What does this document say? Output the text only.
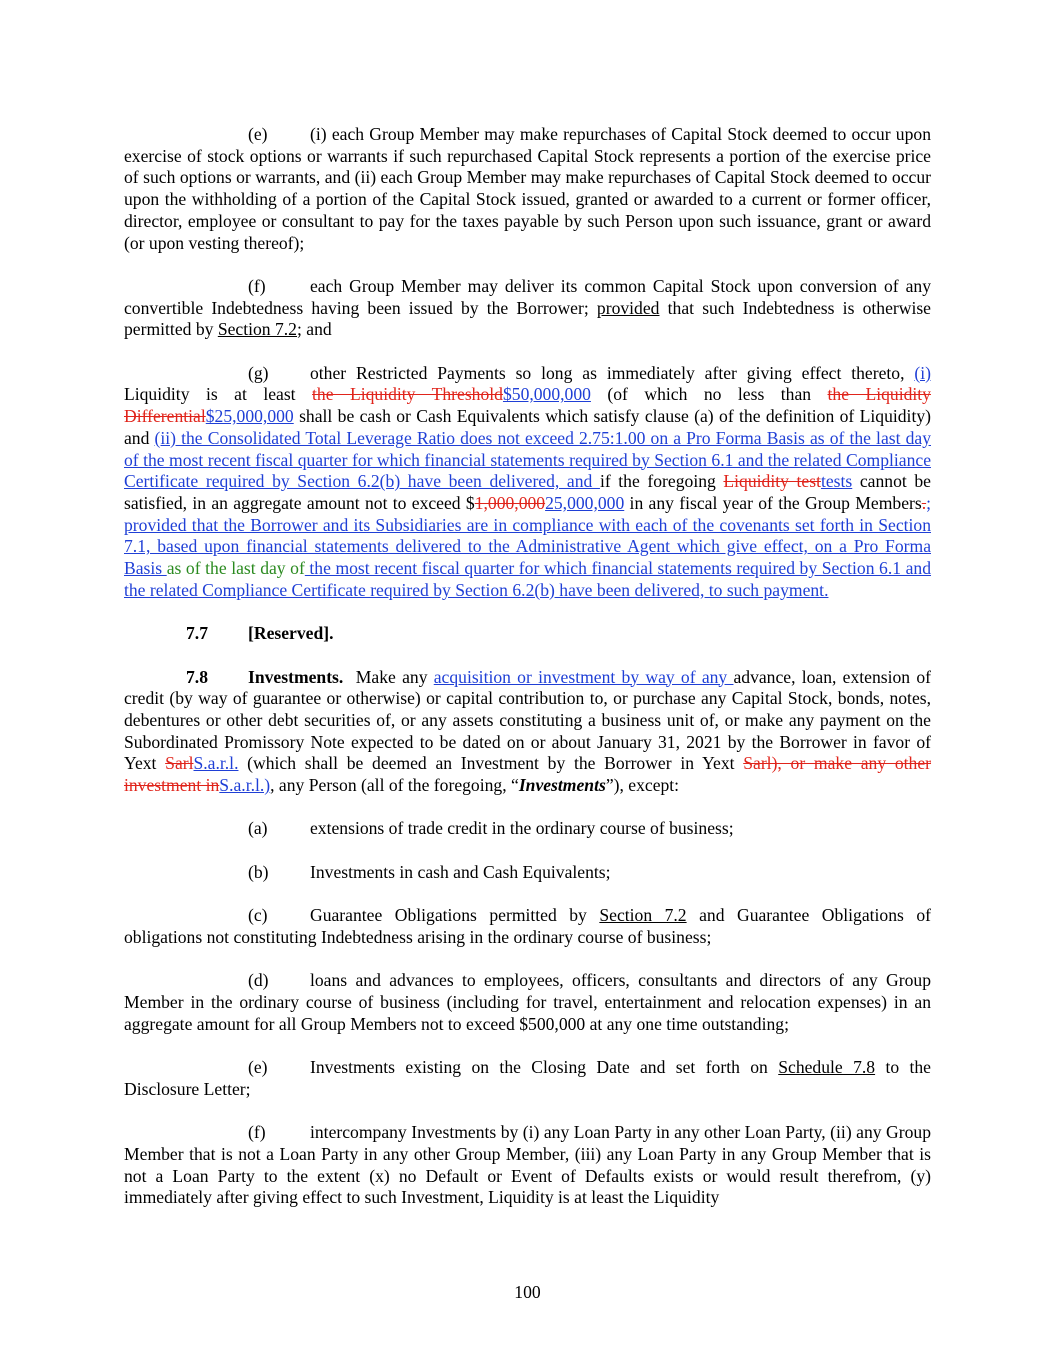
(e) (i) each Group Member may make repurchases of Capital Stock deemed to occur upon exercise of stock options or warrants if such repurchased Capital Stock represents a portion of the exercise price of such options or warrants, and (ii) each Group Member may make repurchases of Capital Stock deemed to occur upon the withholding of a portion of the Capital Stock issued, granted or awarded to a current or former officer, director, employee or consultant to pay for the taxes payable by such Person upon such issuance, grant or award (or upon vesting thereof);

(f)	each Group Member may deliver its common Capital Stock upon conversion of any convertible Indebtedness having been issued by the Borrower; provided that such Indebtedness is otherwise permitted by Section 7.2; and

(g) other Restricted Payments so long as immediately after giving effect thereto, (i) Liquidity is at least the Liquidity Threshold$50,000,000 (of which no less than the Liquidity Differential$25,000,000 shall be cash or Cash Equivalents which satisfy clause (a) of the definition of Liquidity) and (ii) the Consolidated Total Leverage Ratio does not exceed 2.75:1.00 on a Pro Forma Basis as of the last day of the most recent fiscal quarter for which financial statements required by Section 6.1 and the related Compliance Certificate required by Section 6.2(b) have been delivered, and if the foregoing Liquidity testtests cannot be satisfied, in an aggregate amount not to exceed $1,000,00025,000,000 in any fiscal year of the Group Members.; provided that the Borrower and its Subsidiaries are in compliance with each of the covenants set forth in Section 7.1, based upon financial statements delivered to the Administrative Agent which give effect, on a Pro Forma Basis as of the last day of the most recent fiscal quarter for which financial statements required by Section 6.1 and the related Compliance Certificate required by Section 6.2(b) have been delivered, to such payment.

7.7 [Reserved].

7.8 Investments.  Make any acquisition or investment by way of any advance, loan, extension of credit (by way of guarantee or otherwise) or capital contribution to, or purchase any Capital Stock, bonds, notes, debentures or other debt securities of, or any assets constituting a business unit of, or make any payment on the Subordinated Promissory Note expected to be dated on or about January 31, 2021 by the Borrower in favor of Yext SarlS.a.r.l. (which shall be deemed an Investment by the Borrower in Yext Sarl), or make any other investment inS.a.r.l.), any Person (all of the foregoing, “Investments”), except:

(a) extensions of trade credit in the ordinary course of business;

(b) Investments in cash and Cash Equivalents;

(c) Guarantee Obligations permitted by Section 7.2 and Guarantee Obligations of obligations not constituting Indebtedness arising in the ordinary course of business;

(d) loans and advances to employees, officers, consultants and directors of any Group Member in the ordinary course of business (including for travel, entertainment and relocation expenses) in an aggregate amount for all Group Members not to exceed $500,000 at any one time outstanding;

(e) Investments existing on the Closing Date and set forth on Schedule 7.8 to the Disclosure Letter;

(f)	intercompany Investments by (i) any Loan Party in any other Loan Party, (ii) any Group Member that is not a Loan Party in any other Group Member, (iii) any Loan Party in any Group Member that is not a Loan Party to the extent (x) no Default or Event of Defaults exists or would result therefrom, (y) immediately after giving effect to such Investment, Liquidity is at least the Liquidity

100
